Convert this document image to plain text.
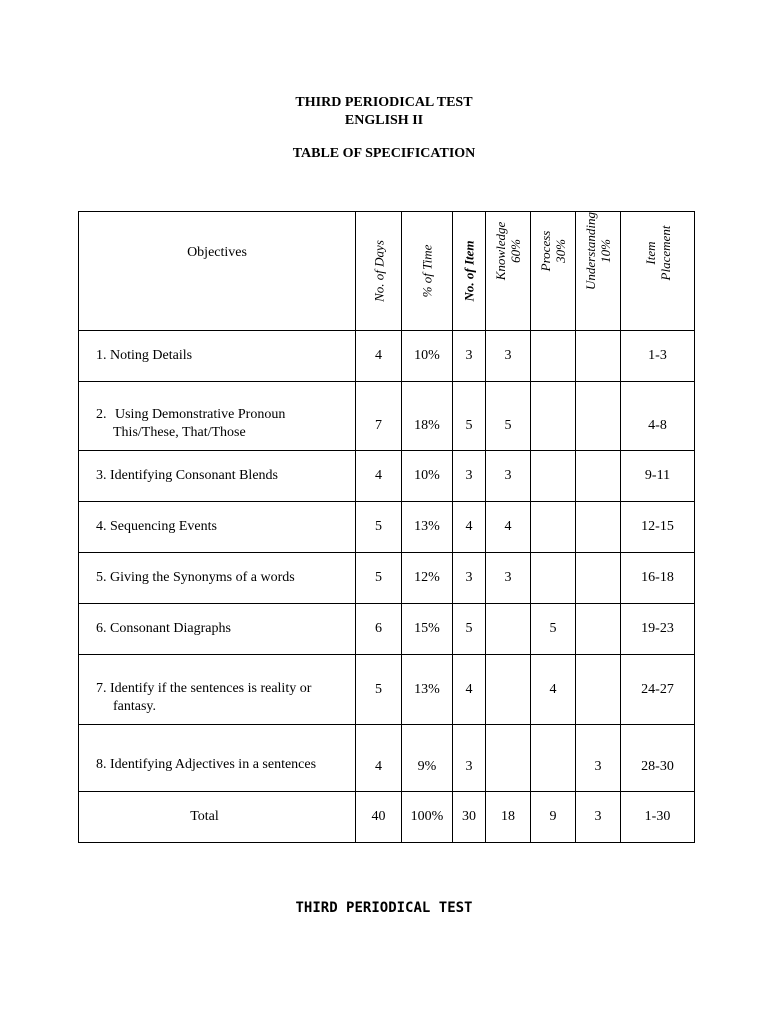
THIRD PERIODICAL TEST
ENGLISH II
TABLE OF SPECIFICATION
Objectives	No. of Days	% of Time	No. of Item	Knowledge 60%	Process 30%	Understanding 10%	Item Placement

1. Noting Details	4	10%	3	3			1-3
2. Using Demonstrative Pronoun
This/These, That/Those	7	18%	5	5			4-8
3. Identifying Consonant Blends	4	10%	3	3			9-11
4. Sequencing Events	5	13%	4	4			12-15
5. Giving the Synonyms of a words	5	12%	3	3			16-18
6. Consonant Diagraphs	6	15%	5		5		19-23
7. Identify if the sentences is reality or
fantasy.	5	13%	4		4		24-27
8. Identifying Adjectives in a sentences	4	9%	3			3	28-30
Total	40	100%	30	18	9	3	1-30
THIRD PERIODICAL TEST
